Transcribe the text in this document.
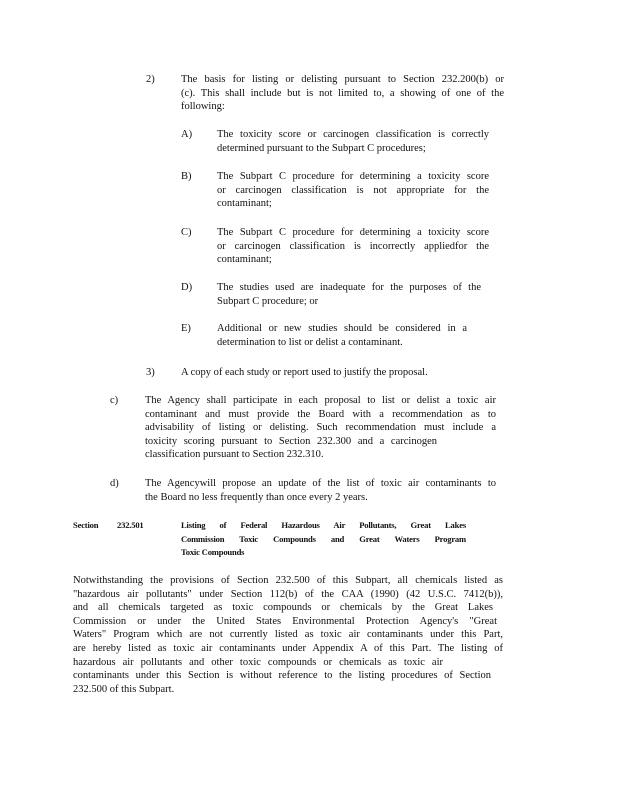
2)	The basis for listing or delisting pursuant to Section 232.200(b) or
(c). This shall include but is not limited to, a showing of one of the
following:
A) The toxicity score or carcinogen classification is correctly
determined pursuant to the Subpart C procedures;
B) The Subpart C procedure for determining a toxicity score
or carcinogen classification is not appropriate for the
contaminant;
C) The Subpart C procedure for determining a toxicity score
or carcinogen classification is incorrectly appliedfor the
contaminant;
D) The studies used are inadequate for the purposes of the
Subpart C procedure; or
E) Additional or new studies should be considered in a
determination to list or delist a contaminant.
3)	A copy of each study or report used to justify the proposal.
c)	The Agency shall participate in each proposal to list or delist a toxic air
contaminant and must provide the Board with a recommendation as to
advisability of listing or delisting. Such recommendation must include a
toxicity scoring pursuant to Section 232.300 and a carcinogen
classification pursuant to Section 232.310.
d)	The Agencywill propose an update of the list of toxic air contaminants to
the Board no less frequently than once every 2 years.
Section 232.501	Listing of Federal Hazardous Air Pollutants, Great Lakes
Commission Toxic Compounds and Great Waters Program
Toxic Compounds
Notwithstanding the provisions of Section 232.500 of this Subpart, all chemicals listed as
"hazardous air pollutants" under Section 112(b) of the CAA (1990) (42 U.S.C. 7412(b)),
and all chemicals targeted as toxic compounds or chemicals by the Great Lakes
Commission or under the United States Environmental Protection Agency's "Great
Waters" Program which are not currently listed as toxic air contaminants under this Part,
are hereby listed as toxic air contaminants under Appendix A of this Part. The listing of
hazardous air pollutants and other toxic compounds or chemicals as toxic air
contaminants under this Section is without reference to the listing procedures of Section
232.500 of this Subpart.
